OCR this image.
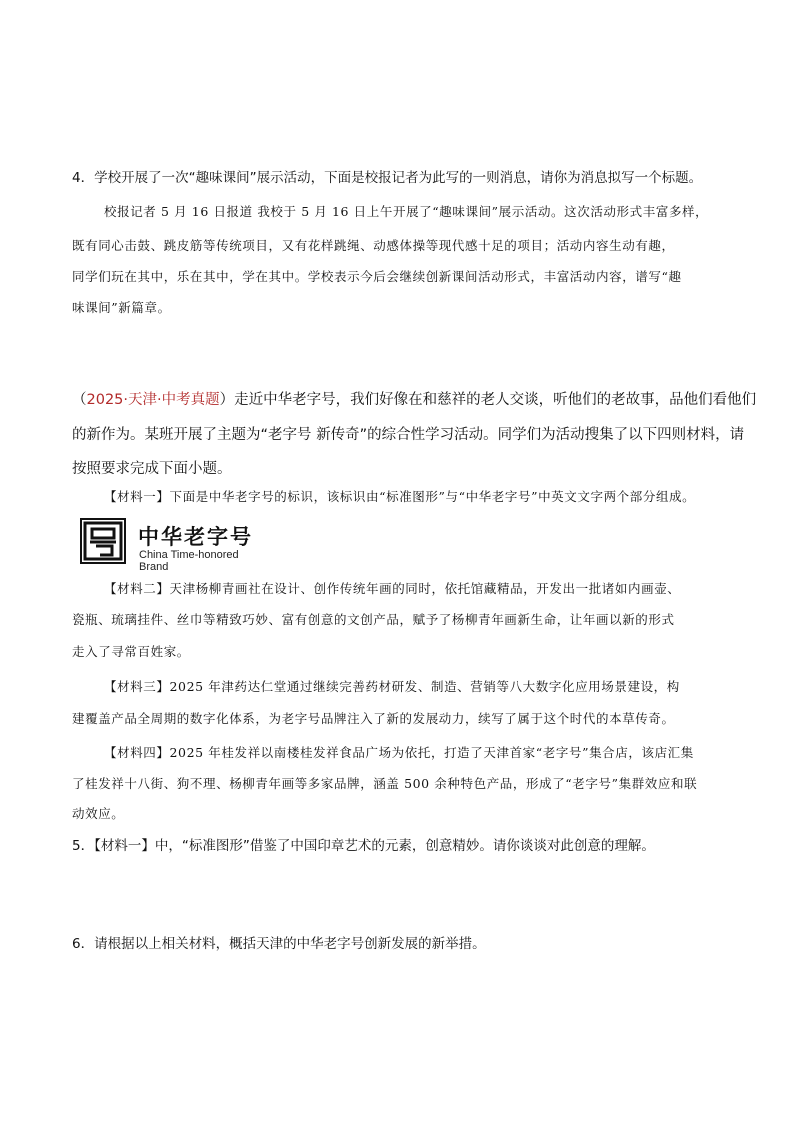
4．学校开展了一次“趣味课间”展示活动，下面是校报记者为此写的一则消息，请你为消息拟写一个标题。
校报记者 5 月 16 日报道 我校于 5 月 16 日上午开展了“趣味课间”展示活动。这次活动形式丰富多样，
既有同心击鼓、跳皮筋等传统项目，又有花样跳绳、动感体操等现代感十足的项目；活动内容生动有趣，
同学们玩在其中，乐在其中，学在其中。学校表示今后会继续创新课间活动形式，丰富活动内容，谱写“趣
味课间”新篇章。
（2025·天津·中考真题）走近中华老字号，我们好像在和慈祥的老人交谈，听他们的老故事，品他们看他们
的新作为。某班开展了主题为“老字号 新传奇”的综合性学习活动。同学们为活动搜集了以下四则材料，请
按照要求完成下面小题。
【材料一】下面是中华老字号的标识，该标识由“标准图形”与“中华老字号”中英文文字两个部分组成。
中华老字号
China Time-honored Brand
【材料二】天津杨柳青画社在设计、创作传统年画的同时，依托馆藏精品，开发出一批诸如内画壶、
瓷瓶、琉璃挂件、丝巾等精致巧妙、富有创意的文创产品，赋予了杨柳青年画新生命，让年画以新的形式
走入了寻常百姓家。
【材料三】2025 年津药达仁堂通过继续完善药材研发、制造、营销等八大数字化应用场景建设，构
建覆盖产品全周期的数字化体系，为老字号品牌注入了新的发展动力，续写了属于这个时代的本草传奇。
【材料四】2025 年桂发祥以南楼桂发祥食品广场为依托，打造了天津首家“老字号”集合店，该店汇集
了桂发祥十八街、狗不理、杨柳青年画等多家品牌，涵盖 500 余种特色产品，形成了“老字号”集群效应和联
动效应。
5．【材料一】中，“标准图形”借鉴了中国印章艺术的元素，创意精妙。请你谈谈对此创意的理解。
6．请根据以上相关材料，概括天津的中华老字号创新发展的新举措。
